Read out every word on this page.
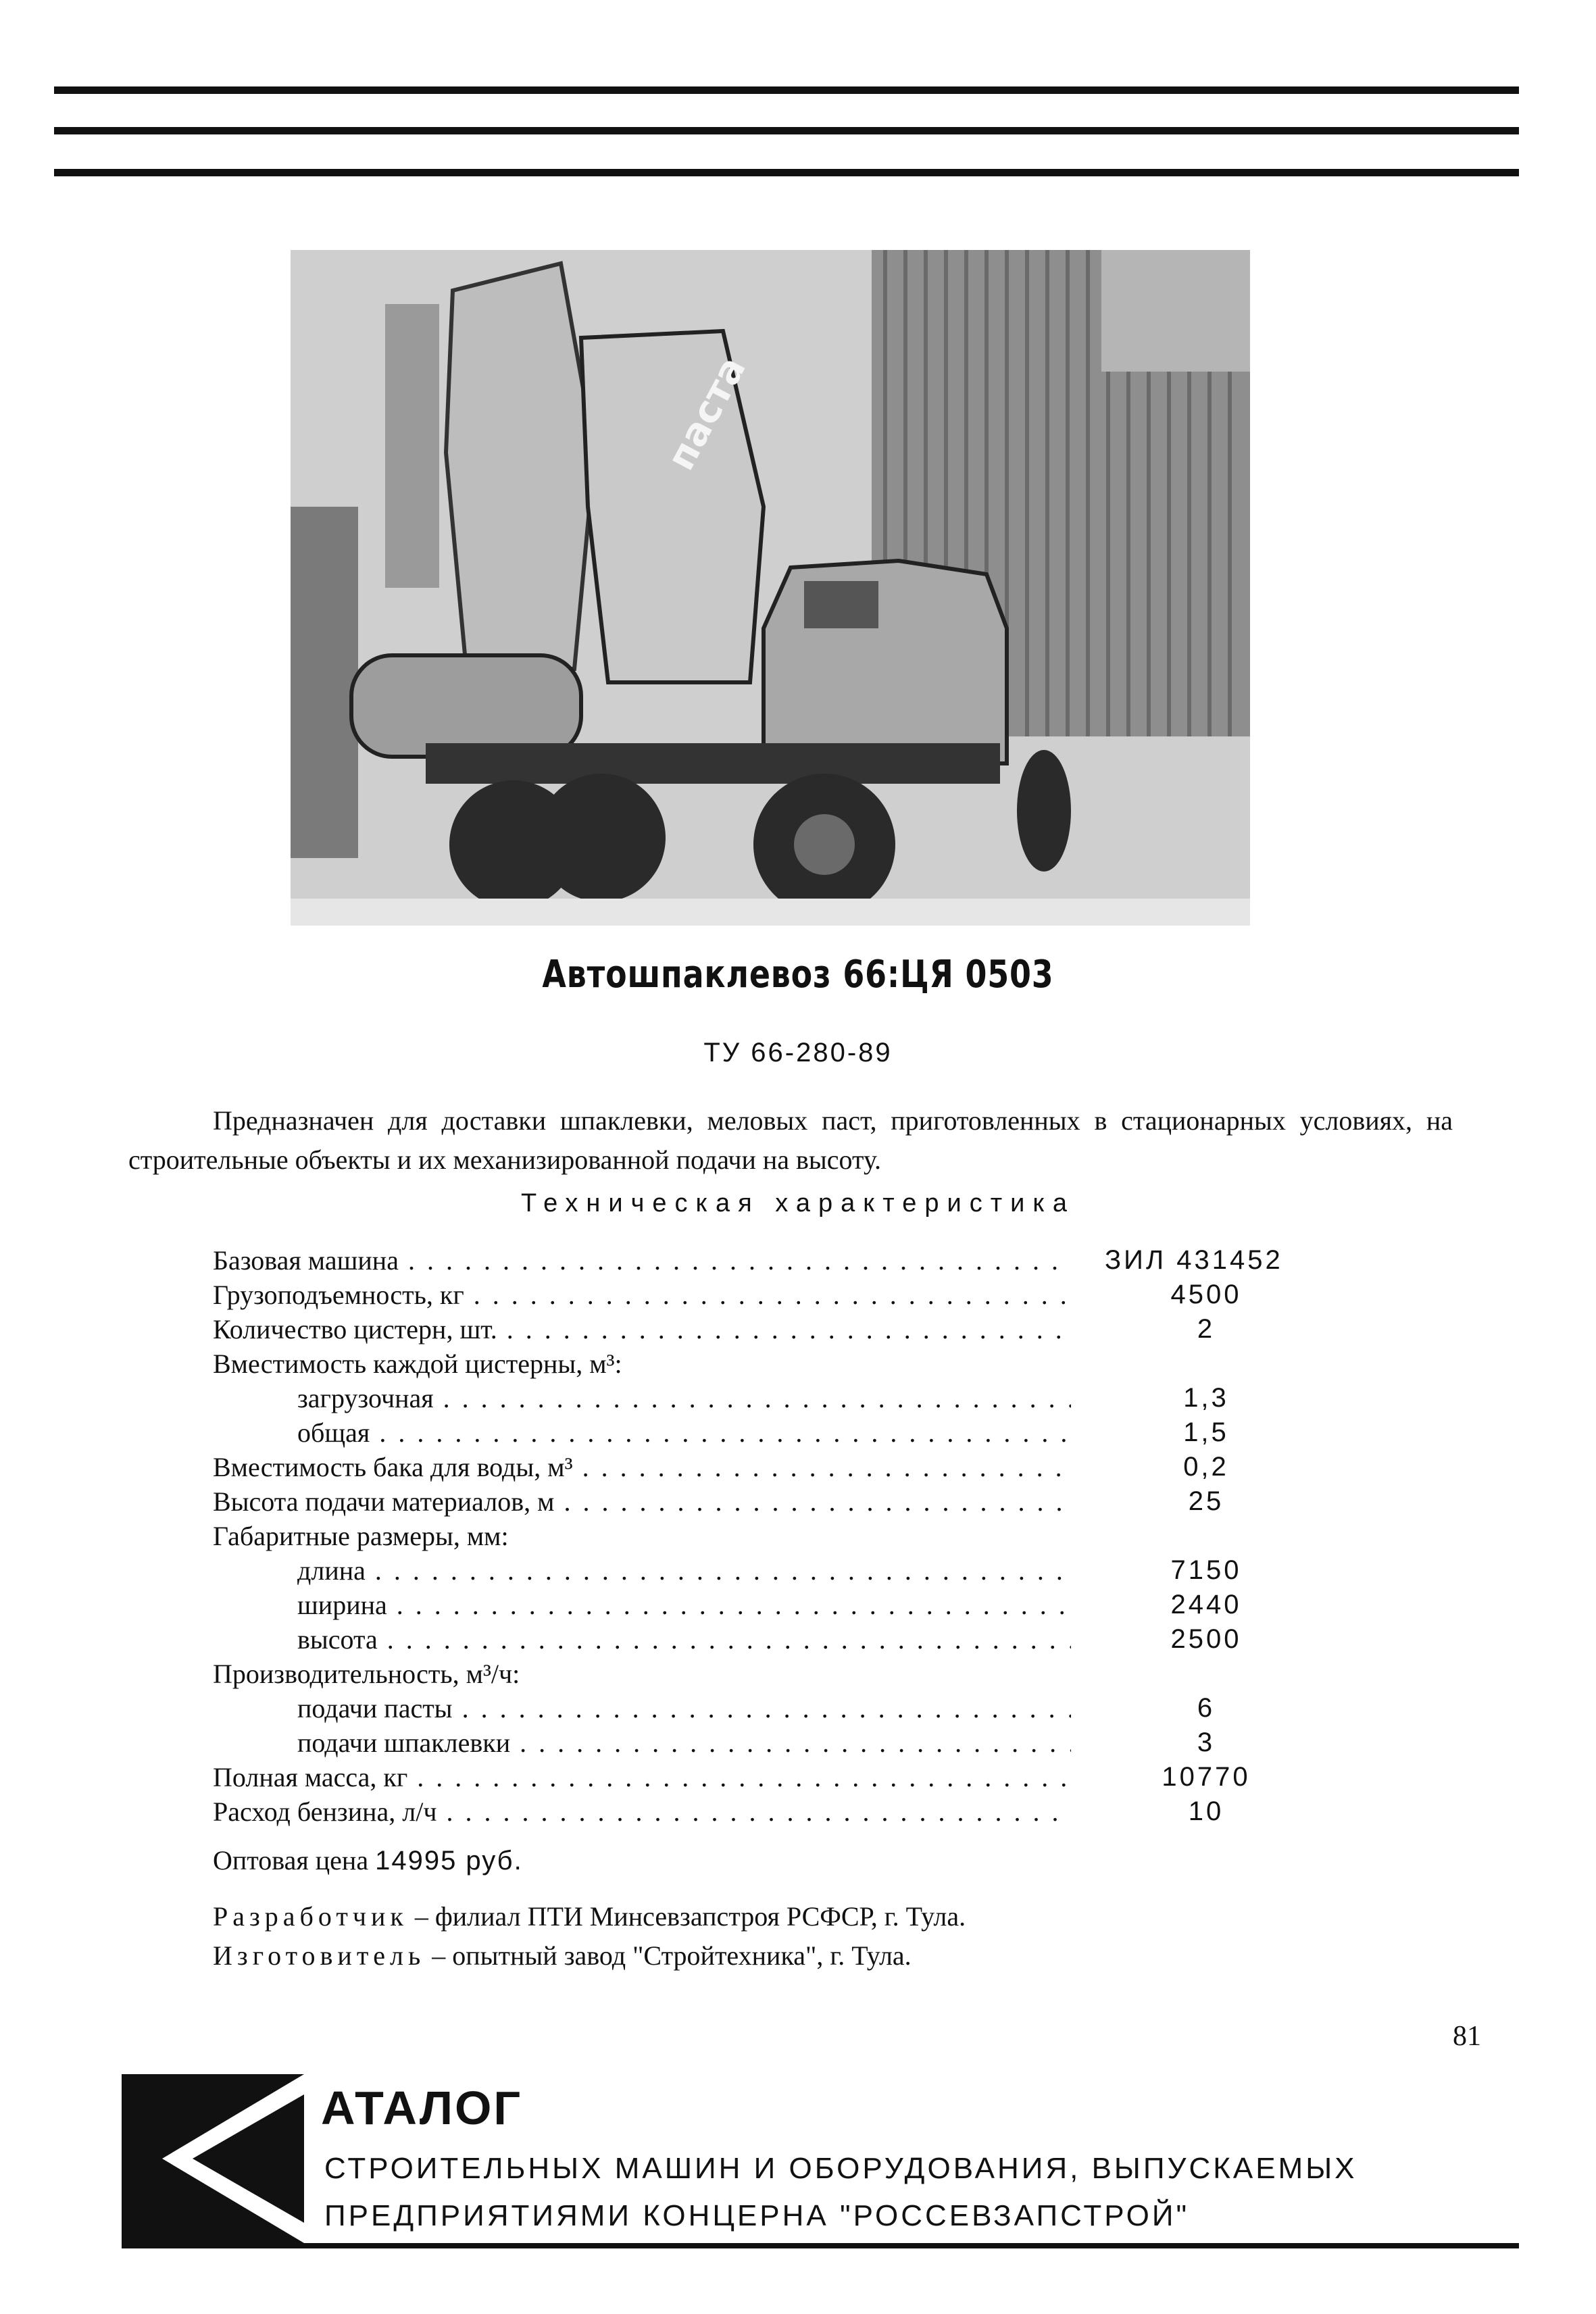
паста
Автошпаклевоз 66:ЦЯ 0503
ТУ 66-280-89
Предназначен для доставки шпаклевки, меловых паст, приготовленных в стационарных условиях, на строительные объекты и их механизированной подачи на высоту.
Техническая характеристика
Базовая машина . . .	ЗИЛ 431452
Грузоподъемность, кг . . .	4500
Количество цистерн, шт. . . .	2
Вместимость каждой цистерны, м³:
загрузочная . . .	1,3
общая . . .	1,5
Вместимость бака для воды, м³ . . .	0,2
Высота подачи материалов, м . . .	25
Габаритные размеры, мм:
длина . . .	7150
ширина . . .	2440
высота . . .	2500
Производительность, м³/ч:
подачи пасты . . .	6
подачи шпаклевки . . .	3
Полная масса, кг . . .	10770
Расход бензина, л/ч . . .	10
Оптовая цена 14995 руб.
Разработчик – филиал ПТИ Минсевзапстроя РСФСР, г. Тула.
Изготовитель – опытный завод "Стройтехника", г. Тула.
81
АТАЛОГ
СТРОИТЕЛЬНЫХ МАШИН И ОБОРУДОВАНИЯ, ВЫПУСКАЕМЫХ
ПРЕДПРИЯТИЯМИ КОНЦЕРНА "РОССЕВЗАПСТРОЙ"
